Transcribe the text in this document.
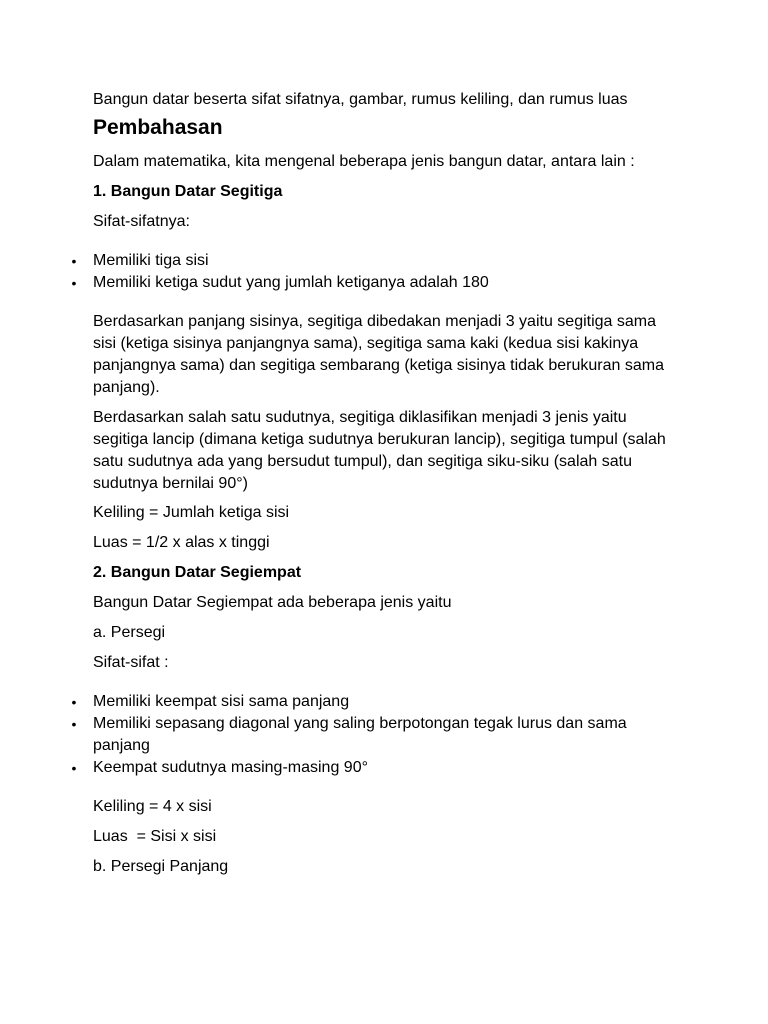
Bangun datar beserta sifat sifatnya, gambar, rumus keliling, dan rumus luas

Pembahasan

Dalam matematika, kita mengenal beberapa jenis bangun datar, antara lain :

1. Bangun Datar Segitiga

Sifat-sifatnya:

• Memiliki tiga sisi
• Memiliki ketiga sudut yang jumlah ketiganya adalah 180

Berdasarkan panjang sisinya, segitiga dibedakan menjadi 3 yaitu segitiga sama sisi (ketiga sisinya panjangnya sama), segitiga sama kaki (kedua sisi kakinya panjangnya sama) dan segitiga sembarang (ketiga sisinya tidak berukuran sama panjang).

Berdasarkan salah satu sudutnya, segitiga diklasifikan menjadi 3 jenis yaitu segitiga lancip (dimana ketiga sudutnya berukuran lancip), segitiga tumpul (salah satu sudutnya ada yang bersudut tumpul), dan segitiga siku-siku (salah satu sudutnya bernilai 90°)

Keliling = Jumlah ketiga sisi

Luas = 1/2 x alas x tinggi

2. Bangun Datar Segiempat

Bangun Datar Segiempat ada beberapa jenis yaitu

a. Persegi

Sifat-sifat :

• Memiliki keempat sisi sama panjang
• Memiliki sepasang diagonal yang saling berpotongan tegak lurus dan sama panjang
• Keempat sudutnya masing-masing 90°

Keliling = 4 x sisi

Luas  = Sisi x sisi

b. Persegi Panjang
